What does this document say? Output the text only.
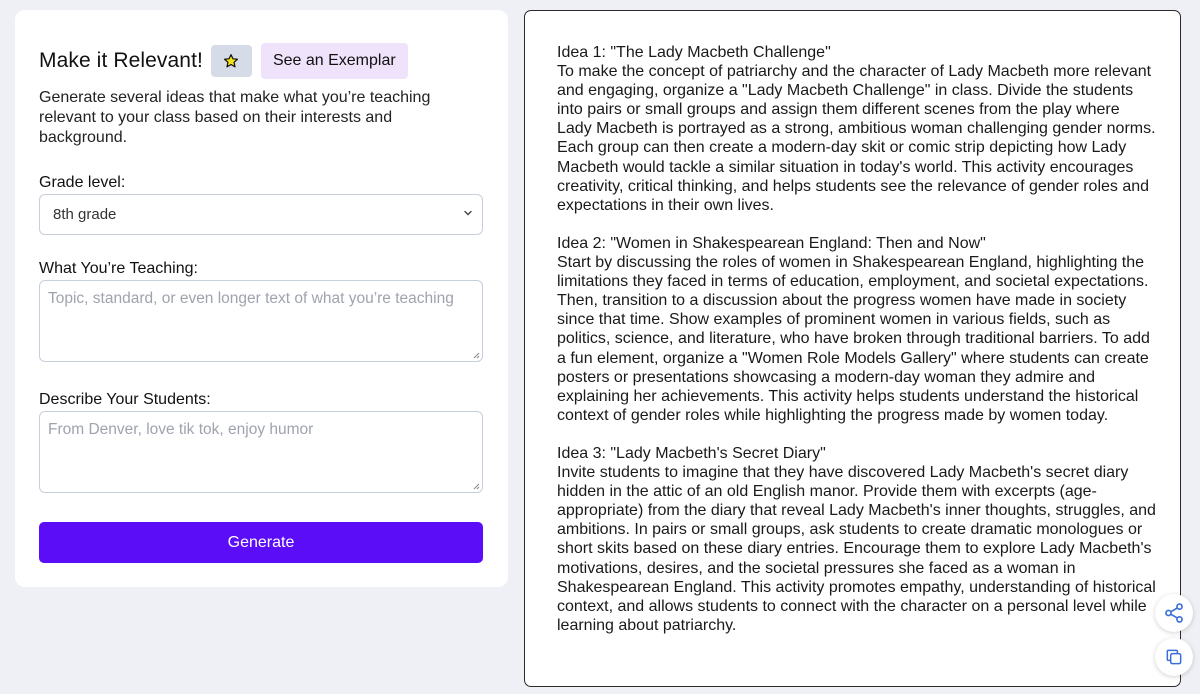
Make it Relevant!	See an Exemplar

Generate several ideas that make what you’re teaching relevant to your class based on their interests and background.

Grade level:
8th grade
What You’re Teaching:
Topic, standard, or even longer text of what you’re teaching
Describe Your Students:
From Denver, love tik tok, enjoy humor
Generate
Idea 1: "The Lady Macbeth Challenge"
To make the concept of patriarchy and the character of Lady Macbeth more relevant and engaging, organize a "Lady Macbeth Challenge" in class. Divide the students into pairs or small groups and assign them different scenes from the play where Lady Macbeth is portrayed as a strong, ambitious woman challenging gender norms. Each group can then create a modern-day skit or comic strip depicting how Lady Macbeth would tackle a similar situation in today's world. This activity encourages creativity, critical thinking, and helps students see the relevance of gender roles and expectations in their own lives.

Idea 2: "Women in Shakespearean England: Then and Now"
Start by discussing the roles of women in Shakespearean England, highlighting the limitations they faced in terms of education, employment, and societal expectations. Then, transition to a discussion about the progress women have made in society since that time. Show examples of prominent women in various fields, such as politics, science, and literature, who have broken through traditional barriers. To add a fun element, organize a "Women Role Models Gallery" where students can create posters or presentations showcasing a modern-day woman they admire and explaining her achievements. This activity helps students understand the historical context of gender roles while highlighting the progress made by women today.

Idea 3: "Lady Macbeth's Secret Diary"
Invite students to imagine that they have discovered Lady Macbeth's secret diary hidden in the attic of an old English manor. Provide them with excerpts (age-appropriate) from the diary that reveal Lady Macbeth's inner thoughts, struggles, and ambitions. In pairs or small groups, ask students to create dramatic monologues or short skits based on these diary entries. Encourage them to explore Lady Macbeth's motivations, desires, and the societal pressures she faced as a woman in Shakespearean England. This activity promotes empathy, understanding of historical context, and allows students to connect with the character on a personal level while learning about patriarchy.
